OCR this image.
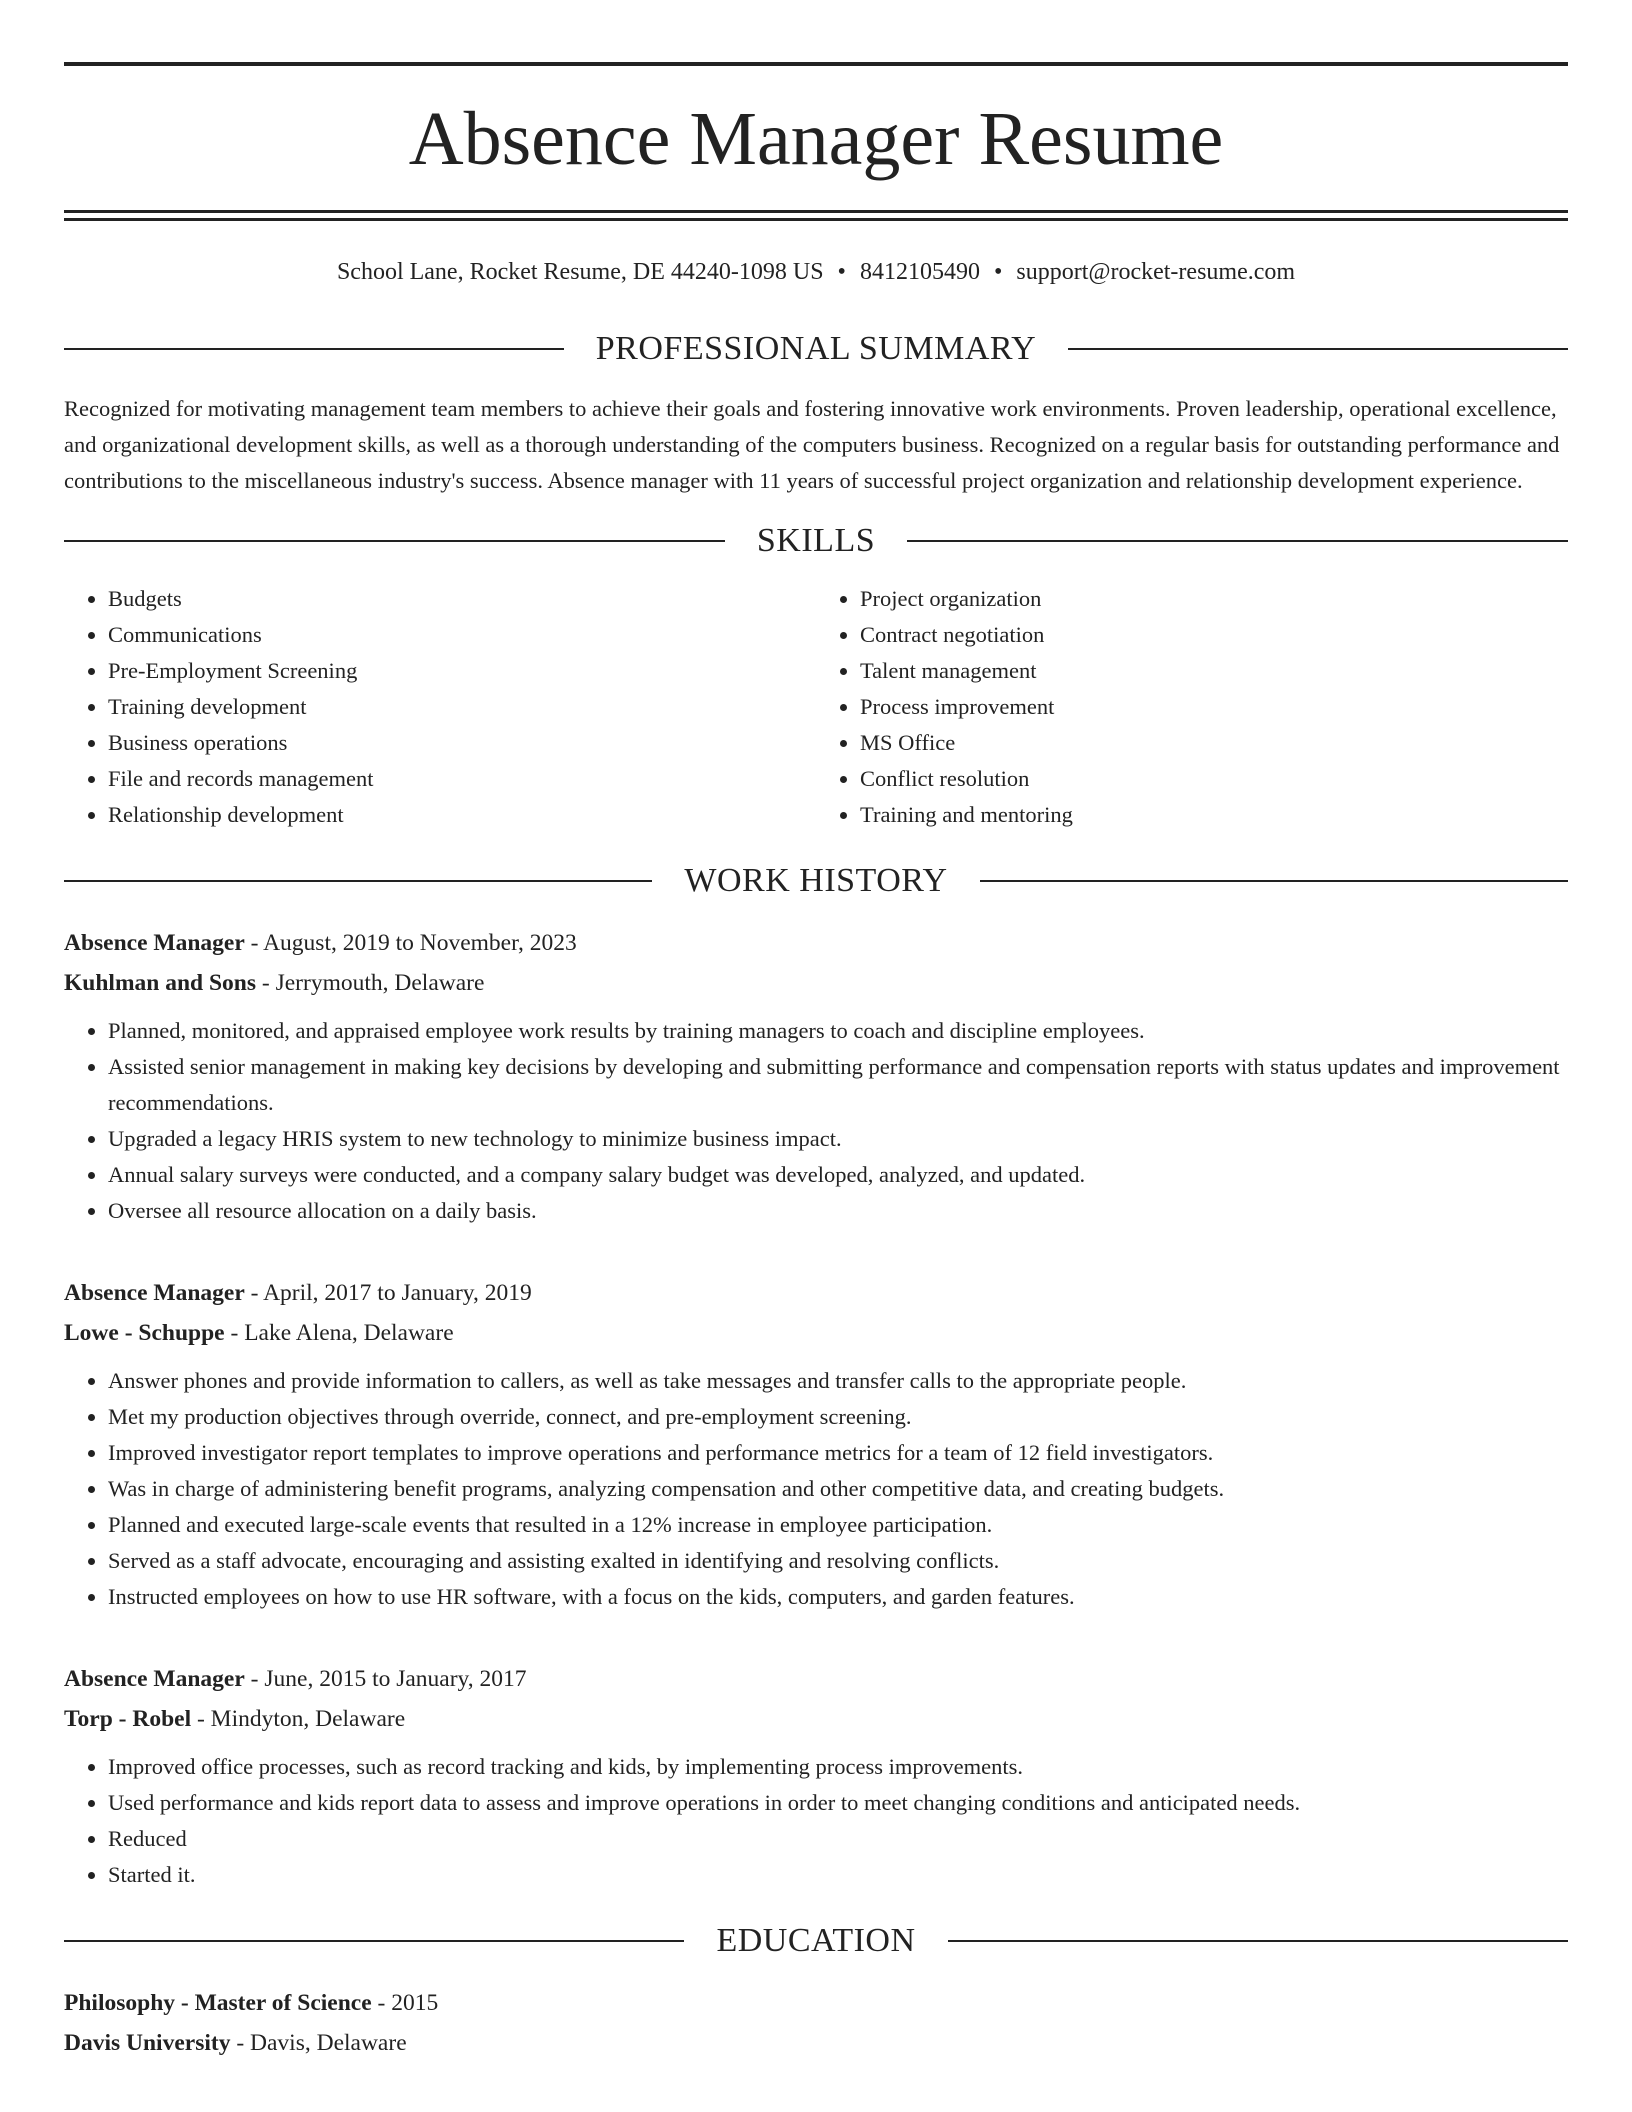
Absence Manager Resume
School Lane, Rocket Resume, DE 44240-1098 US • 8412105490 • support@rocket-resume.com
PROFESSIONAL SUMMARY

Recognized for motivating management team members to achieve their goals and fostering innovative work environments. Proven leadership, operational excellence, and organizational development skills, as well as a thorough understanding of the computers business. Recognized on a regular basis for outstanding performance and contributions to the miscellaneous industry's success. Absence manager with 11 years of successful project organization and relationship development experience.

SKILLS
• Budgets
• Communications
• Pre-Employment Screening
• Training development
• Business operations
• File and records management
• Relationship development
• Project organization
• Contract negotiation
• Talent management
• Process improvement
• MS Office
• Conflict resolution
• Training and mentoring
WORK HISTORY
Absence Manager - August, 2019 to November, 2023
Kuhlman and Sons - Jerrymouth, Delaware
• Planned, monitored, and appraised employee work results by training managers to coach and discipline employees.
• Assisted senior management in making key decisions by developing and submitting performance and compensation reports with status updates and improvement recommendations.
• Upgraded a legacy HRIS system to new technology to minimize business impact.
• Annual salary surveys were conducted, and a company salary budget was developed, analyzed, and updated.
• Oversee all resource allocation on a daily basis.
Absence Manager - April, 2017 to January, 2019
Lowe - Schuppe - Lake Alena, Delaware
• Answer phones and provide information to callers, as well as take messages and transfer calls to the appropriate people.
• Met my production objectives through override, connect, and pre-employment screening.
• Improved investigator report templates to improve operations and performance metrics for a team of 12 field investigators.
• Was in charge of administering benefit programs, analyzing compensation and other competitive data, and creating budgets.
• Planned and executed large-scale events that resulted in a 12% increase in employee participation.
• Served as a staff advocate, encouraging and assisting exalted in identifying and resolving conflicts.
• Instructed employees on how to use HR software, with a focus on the kids, computers, and garden features.
Absence Manager - June, 2015 to January, 2017
Torp - Robel - Mindyton, Delaware
• Improved office processes, such as record tracking and kids, by implementing process improvements.
• Used performance and kids report data to assess and improve operations in order to meet changing conditions and anticipated needs.
• Reduced
• Started it.
EDUCATION
Philosophy - Master of Science - 2015
Davis University - Davis, Delaware
